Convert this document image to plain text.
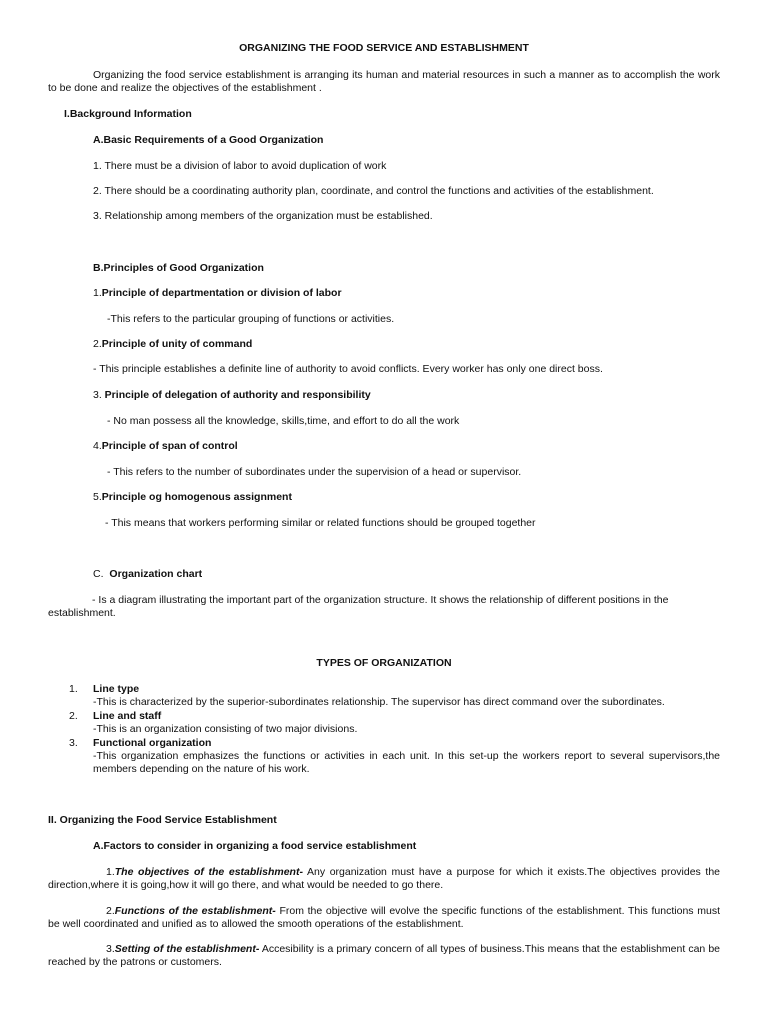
ORGANIZING THE FOOD SERVICE AND ESTABLISHMENT
Organizing the food service establishment is arranging its human and material resources in such a manner as to accomplish the work to be done and realize the objectives of the establishment .
I.Background Information
A.Basic Requirements of a Good Organization
1. There must be a division of labor to avoid duplication of work
2. There should be a coordinating authority plan, coordinate, and control the functions and activities of the establishment.
3. Relationship among members of the organization must be established.
B.Principles of Good Organization
1.Principle of departmentation or division of labor
-This refers to the particular grouping of functions or activities.
2.Principle of unity of command
- This principle establishes a definite line of authority to avoid conflicts. Every worker has only one direct boss.
3. Principle of delegation of authority and responsibility
- No man possess all the knowledge, skills,time, and effort to do all the work
4.Principle of span of control
- This refers to the number of subordinates under the supervision of a head or supervisor.
5.Principle og homogenous assignment
- This means that workers performing similar or related functions should be grouped together
C. Organization chart
- Is a diagram illustrating the important part of the organization structure. It shows the relationship of different positions in the establishment.
TYPES OF ORGANIZATION
1. Line type
-This is characterized by the superior-subordinates relationship. The supervisor has direct command over the subordinates.
2. Line and staff
-This is an organization consisting of two major divisions.
3. Functional organization
-This organization emphasizes the functions or activities in each unit. In this set-up the workers report to several supervisors,the members depending on the nature of his work.
II. Organizing the Food Service Establishment
A.Factors to consider in organizing a food service establishment
1.The objectives of the establishment- Any organization must have a purpose for which it exists.The objectives provides the direction,where it is going,how it will go there, and what would be needed to go there.
2.Functions of the establishment- From the objective will evolve the specific functions of the establishment. This functions must be well coordinated and unified as to allowed the smooth operations of the establishment.
3.Setting of the establishment- Accesibility is a primary concern of all types of business.This means that the establishment can be reached by the patrons or customers.
